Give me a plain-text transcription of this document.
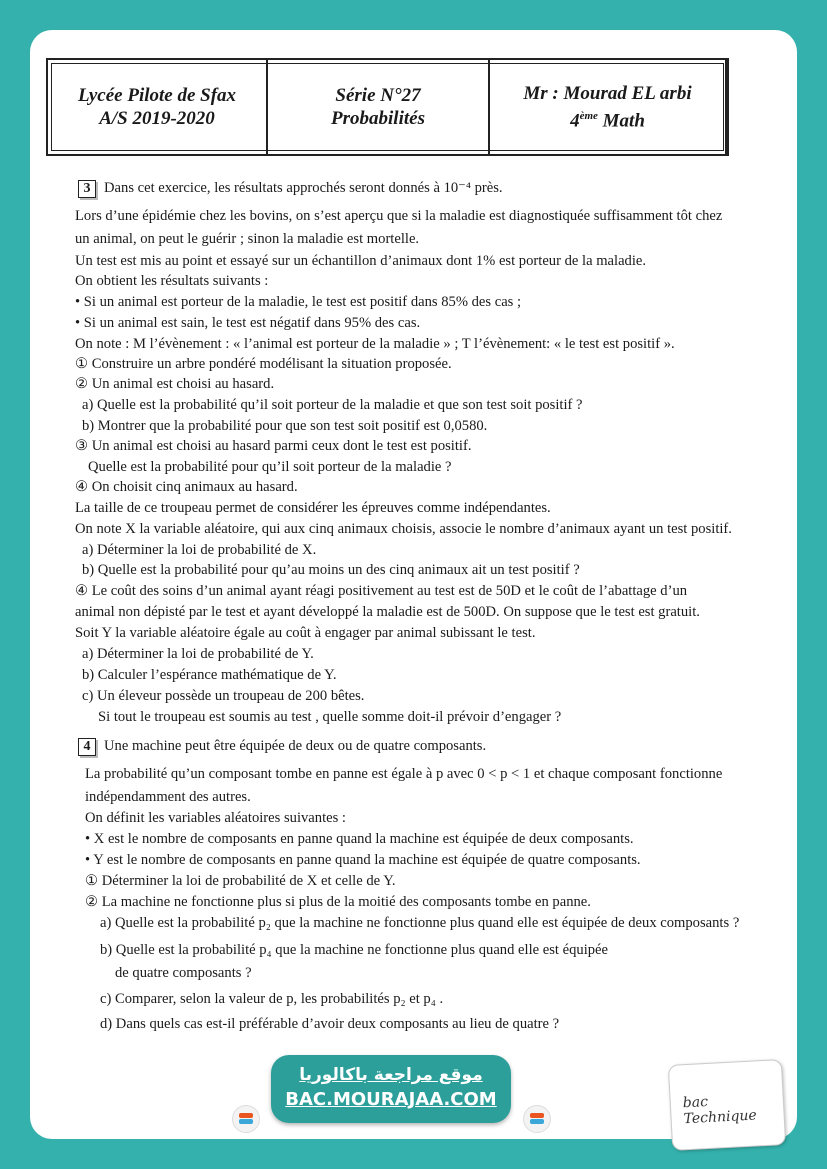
Lycée Pilote de Sfax
A/S 2019-2020
Série N°27
Probabilités
Mr : Mourad EL arbi
4ème Math
3 Dans cet exercice, les résultats approchés seront donnés à 10⁻⁴ près.
Lors d’une épidémie chez les bovins, on s’est aperçu que si la maladie est diagnostiquée suffisamment tôt chez
un animal, on peut le guérir ; sinon la maladie est mortelle.
Un test est mis au point et essayé sur un échantillon d’animaux dont 1% est porteur de la maladie.
On obtient les résultats suivants :
• Si un animal est porteur de la maladie, le test est positif dans 85% des cas ;
• Si un animal est sain, le test est négatif dans 95% des cas.
On note : M l’évènement : « l’animal est porteur de la maladie » ; T l’évènement: « le test est positif ».
① Construire un arbre pondéré modélisant la situation proposée.
② Un animal est choisi au hasard.
a) Quelle est la probabilité qu’il soit porteur de la maladie et que son test soit positif ?
b) Montrer que la probabilité pour que son test soit positif est 0,0580.
③ Un animal est choisi au hasard parmi ceux dont le test est positif.
Quelle est la probabilité pour qu’il soit porteur de la maladie ?
④ On choisit cinq animaux au hasard.
La taille de ce troupeau permet de considérer les épreuves comme indépendantes.
On note X la variable aléatoire, qui aux cinq animaux choisis, associe le nombre d’animaux ayant un test positif.
a) Déterminer la loi de probabilité de X.
b) Quelle est la probabilité pour qu’au moins un des cinq animaux ait un test positif ?
④ Le coût des soins d’un animal ayant réagi positivement au test est de 50D et le coût de l’abattage d’un
animal non dépisté par le test et ayant développé la maladie est de 500D. On suppose que le test est gratuit.
Soit Y la variable aléatoire égale au coût à engager par animal subissant le test.
a) Déterminer la loi de probabilité de Y.
b) Calculer l’espérance mathématique de Y.
c) Un éleveur possède un troupeau de 200 bêtes.
Si tout le troupeau est soumis au test , quelle somme doit-il prévoir d’engager ?
4 Une machine peut être équipée de deux ou de quatre composants.
La probabilité qu’un composant tombe en panne est égale à p avec 0 < p < 1 et chaque composant fonctionne
indépendamment des autres.
On définit les variables aléatoires suivantes :
• X est le nombre de composants en panne quand la machine est équipée de deux composants.
• Y est le nombre de composants en panne quand la machine est équipée de quatre composants.
① Déterminer la loi de probabilité de X et celle de Y.
② La machine ne fonctionne plus si plus de la moitié des composants tombe en panne.
a) Quelle est la probabilité p₂ que la machine ne fonctionne plus quand elle est équipée de deux composants ?
b) Quelle est la probabilité p₄ que la machine ne fonctionne plus quand elle est équipée
de quatre composants ?
c) Comparer, selon la valeur de p, les probabilités p₂ et p₄ .
d) Dans quels cas est-il préférable d’avoir deux composants au lieu de quatre ?
موقع مراجعة باكالوريا
BAC.MOURAJAA.COM	bac Technique
